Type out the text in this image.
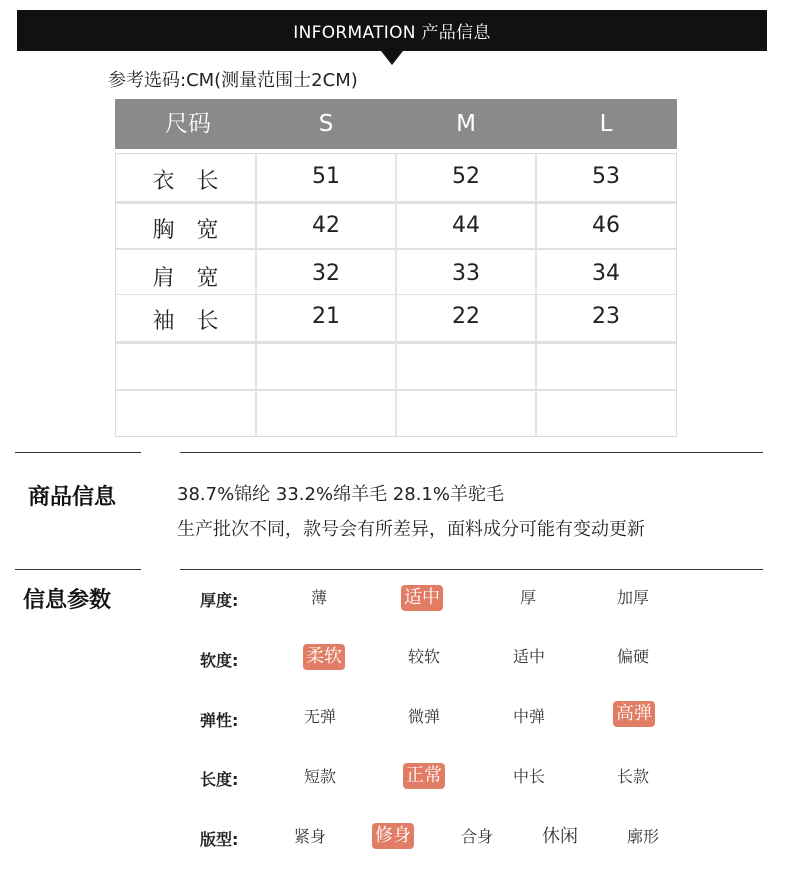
INFORMATION 产品信息
参考选码:CM(测量范围士2CM)
尺码	S	M	L
衣　长	51	52	53
胸　宽	42	44	46
肩　宽	32	33	34
袖　长	21	22	23
商品信息	38.7%锦纶 33.2%绵羊毛 28.1%羊驼毛
生产批次不同，款号会有所差异，面料成分可能有变动更新
信息参数	厚度:	薄	适中	厚	加厚
软度:	柔软	较软	适中	偏硬
弹性:	无弹	微弹	中弹	高弹
长度:	短款	正常	中长	长款
版型:	紧身	修身	合身	休闲	廓形
